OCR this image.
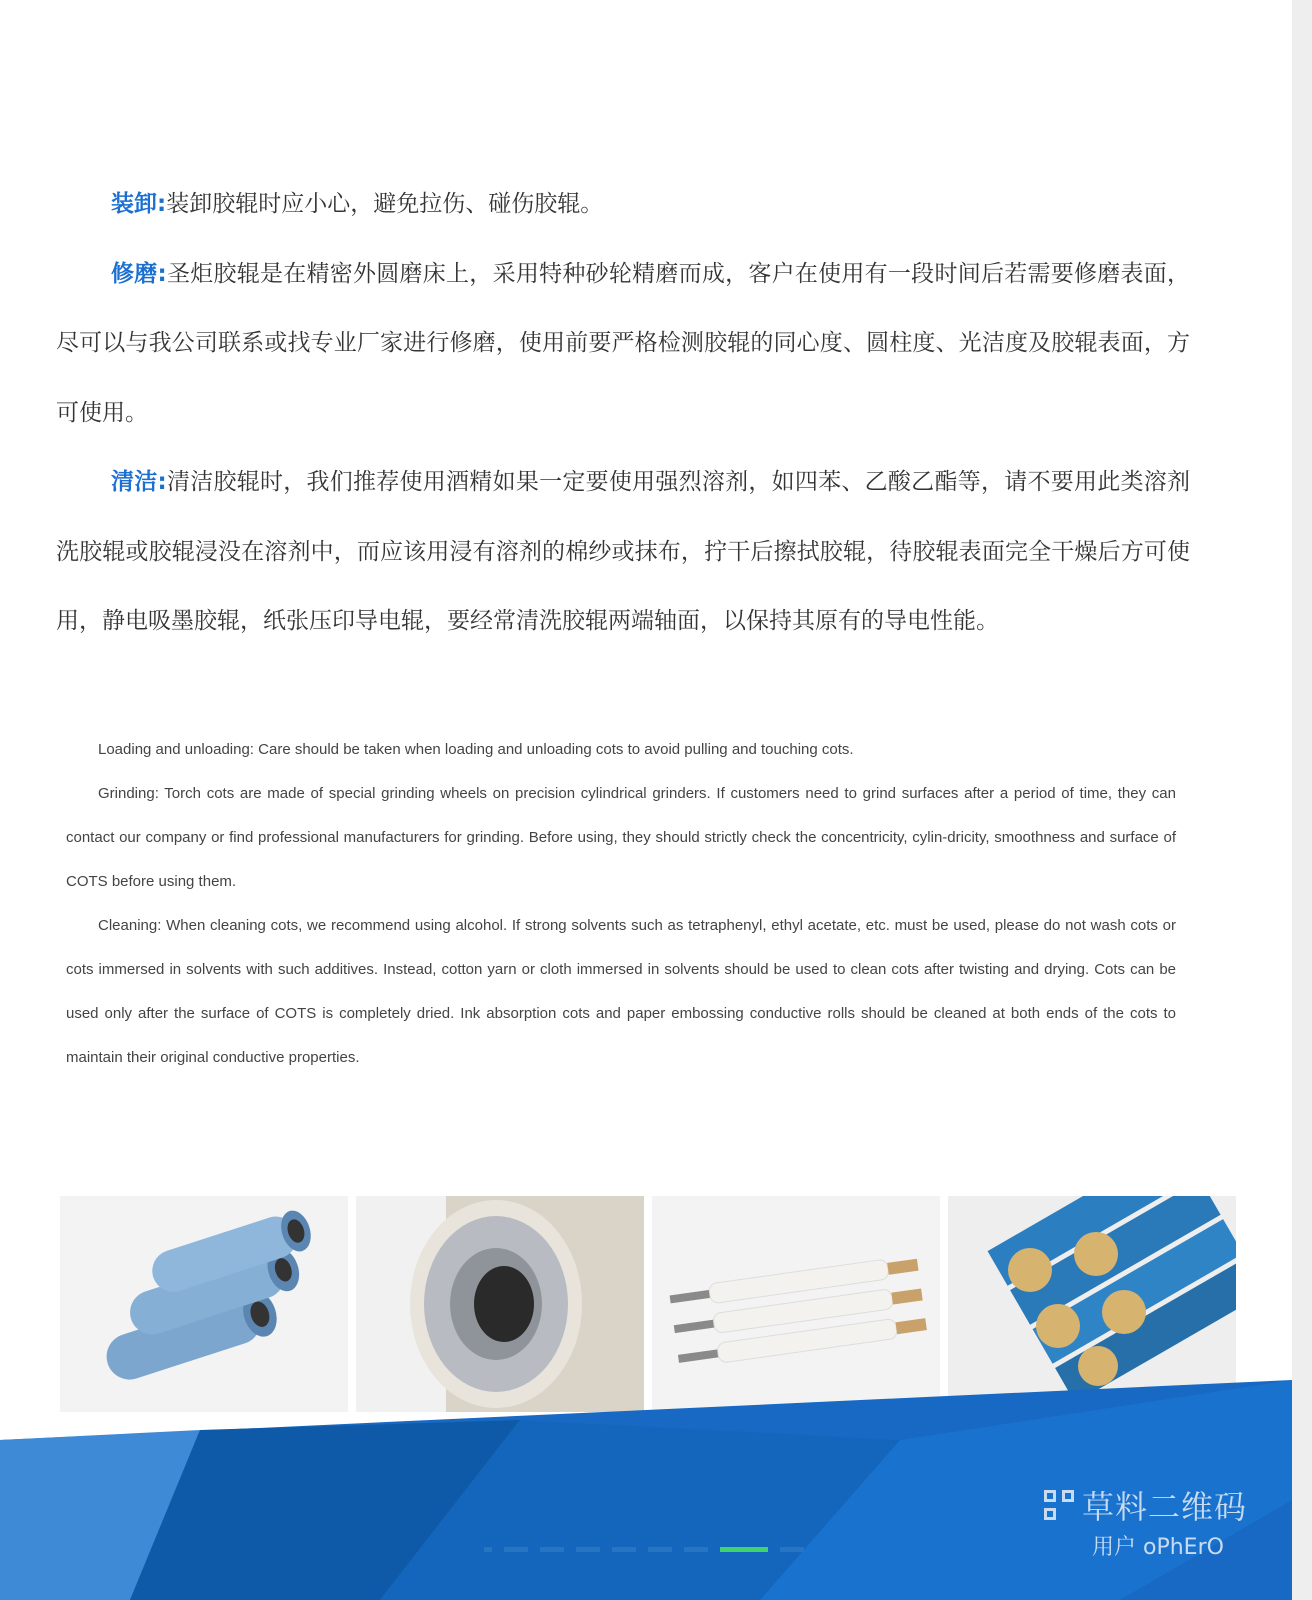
装卸:装卸胶辊时应小心，避免拉伤、碰伤胶辊。

修磨:圣炬胶辊是在精密外圆磨床上，采用特种砂轮精磨而成，客户在使用有一段时间后若需要修磨表面，尽可以与我公司联系或找专业厂家进行修磨，使用前要严格检测胶辊的同心度、圆柱度、光洁度及胶辊表面，方可使用。

清洁:清洁胶辊时，我们推荐使用酒精如果一定要使用强烈溶剂，如四苯、乙酸乙酯等，请不要用此类溶剂洗胶辊或胶辊浸没在溶剂中，而应该用浸有溶剂的棉纱或抹布，拧干后擦拭胶辊，待胶辊表面完全干燥后方可使用，静电吸墨胶辊，纸张压印导电辊，要经常清洗胶辊两端轴面，以保持其原有的导电性能。

Loading and unloading: Care should be taken when loading and unloading cots to avoid pulling and touching cots.

Grinding: Torch cots are made of special grinding wheels on precision cylindrical grinders. If customers need to grind surfaces after a period of time, they can contact our company or find professional manufacturers for grinding. Before using, they should strictly check the concentricity, cylin-dricity, smoothness and surface of COTS before using them.

Cleaning: When cleaning cots, we recommend using alcohol. If strong solvents such as tetraphenyl, ethyl acetate, etc. must be used, please do not wash cots or cots immersed in solvents with such additives. Instead, cotton yarn or cloth immersed in solvents should be used to clean cots after twisting and drying. Cots can be used only after the surface of COTS is completely dried. Ink absorption cots and paper embossing conductive rolls should be cleaned at both ends of the cots to maintain their original conductive properties.

草料二维码
用户 oPhErO
